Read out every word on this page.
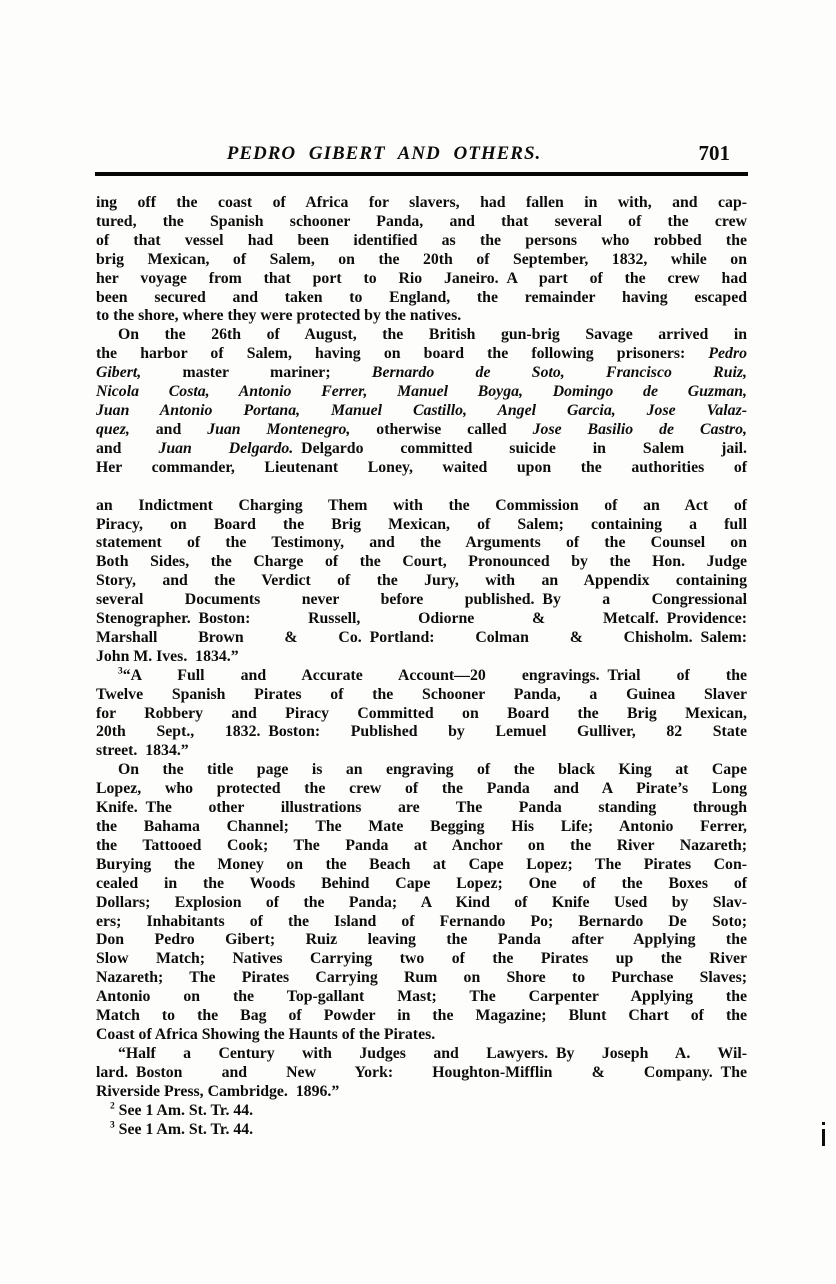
PEDRO GIBERT AND OTHERS.	701
ing off the coast of Africa for slavers, had fallen in with, and cap-
tured, the Spanish schooner Panda, and that several of the crew
of that vessel had been identified as the persons who robbed the
brig Mexican, of Salem, on the 20th of September, 1832, while on
her voyage from that port to Rio Janeiro. A part of the crew had
been secured and taken to England, the remainder having escaped
to the shore, where they were protected by the natives.
On the 26th of August, the British gun-brig Savage arrived in
the harbor of Salem, having on board the following prisoners: Pedro
Gibert, master mariner; Bernardo de Soto, Francisco Ruiz,
Nicola Costa, Antonio Ferrer, Manuel Boyga, Domingo de Guzman,
Juan Antonio Portana, Manuel Castillo, Angel Garcia, Jose Valaz-
quez, and Juan Montenegro, otherwise called Jose Basilio de Castro,
and Juan Delgardo. Delgardo committed suicide in Salem jail.
Her commander, Lieutenant Loney, waited upon the authorities of
an Indictment Charging Them with the Commission of an Act of
Piracy, on Board the Brig Mexican, of Salem; containing a full
statement of the Testimony, and the Arguments of the Counsel on
Both Sides, the Charge of the Court, Pronounced by the Hon. Judge
Story, and the Verdict of the Jury, with an Appendix containing
several Documents never before published. By a Congressional
Stenographer. Boston: Russell, Odiorne & Metcalf. Providence:
Marshall Brown & Co. Portland: Colman & Chisholm. Salem:
John M. Ives. 1834.”
$^3$“A Full and Accurate Account—20 engravings. Trial of the
Twelve Spanish Pirates of the Schooner Panda, a Guinea Slaver
for Robbery and Piracy Committed on Board the Brig Mexican,
20th Sept., 1832. Boston: Published by Lemuel Gulliver, 82 State
street. 1834.”
On the title page is an engraving of the black King at Cape
Lopez, who protected the crew of the Panda and A Pirate’s Long
Knife. The other illustrations are The Panda standing through
the Bahama Channel; The Mate Begging His Life; Antonio Ferrer,
the Tattooed Cook; The Panda at Anchor on the River Nazareth;
Burying the Money on the Beach at Cape Lopez; The Pirates Con-
cealed in the Woods Behind Cape Lopez; One of the Boxes of
Dollars; Explosion of the Panda; A Kind of Knife Used by Slav-
ers; Inhabitants of the Island of Fernando Po; Bernardo De Soto;
Don Pedro Gibert; Ruiz leaving the Panda after Applying the
Slow Match; Natives Carrying two of the Pirates up the River
Nazareth; The Pirates Carrying Rum on Shore to Purchase Slaves;
Antonio on the Top-gallant Mast; The Carpenter Applying the
Match to the Bag of Powder in the Magazine; Blunt Chart of the
Coast of Africa Showing the Haunts of the Pirates.
“Half a Century with Judges and Lawyers. By Joseph A. Wil-
lard. Boston and New York: Houghton-Mifflin & Company. The
Riverside Press, Cambridge. 1896.”
$^2$ See 1 Am. St. Tr. 44.
$^3$ See 1 Am. St. Tr. 44.
